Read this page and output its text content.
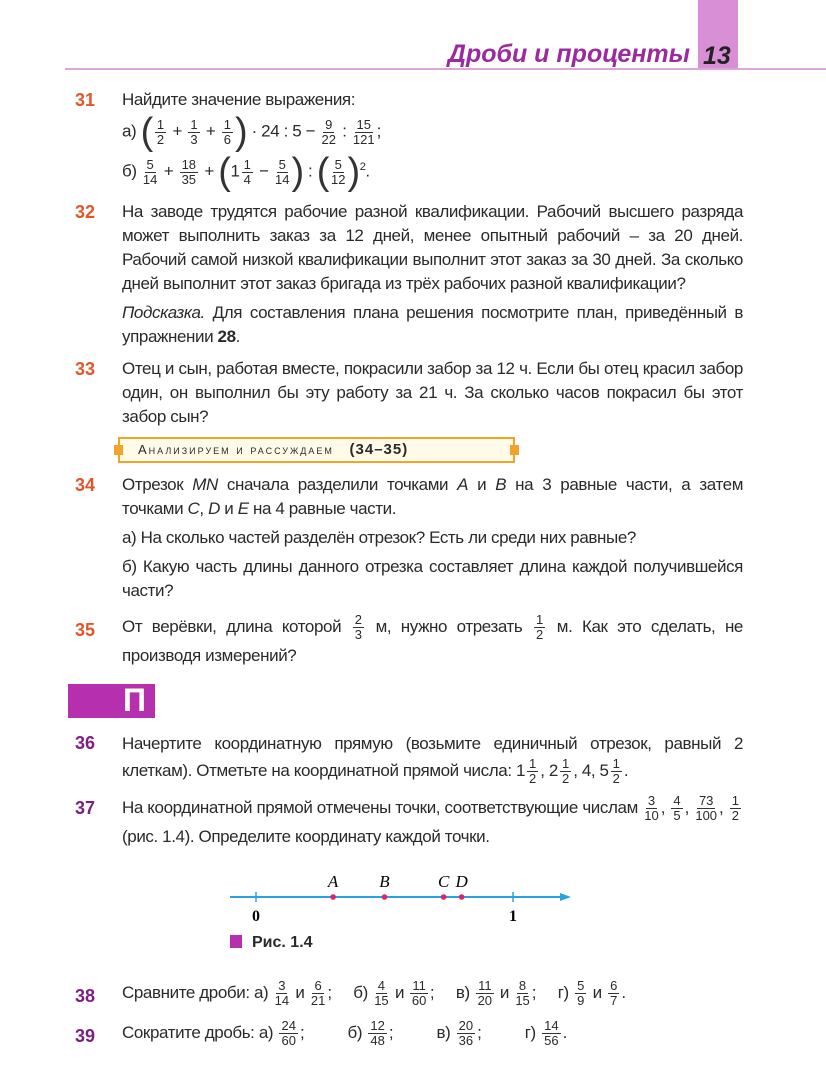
Дроби и проценты 13
31 Найдите значение выражения:
а) ( $\frac{1}{2} + \frac{1}{3} + \frac{1}{6}$ ) · 24 : $5 - \frac{9}{22}$ : $\frac{15}{121}$ ;
$б) \frac{5}{14} + \frac{18}{35} + (1 \frac{1}{4} - \frac{5}{14}$ ) : ( $\frac{5}{12} )^2$.
32 На заводе трудятся рабочие разной квалификации. Рабочий высшего разряда может выполнить заказ за 12 дней, менее опытный рабочий – за 20 дней. Рабочий самой низкой квалификации выполнит этот заказ за 30 дней. За сколько дней выполнит этот заказ бригада из трёх рабочих разной квалификации?
Подсказка. Для составления плана решения посмотрите план, приведённый в упражнении 28.
33 Отец и сын, работая вместе, покрасили забор за 12 ч. Если бы отец красил забор один, он выполнил бы эту работу за 21 ч. За сколько часов покрасил бы этот забор сын?
Анализируем и рассуждаем (34–35)
34 Отрезок MN сначала разделили точками A и B на 3 равные части, а затем точками C, D и E на 4 равные части.
а) На сколько частей разделён отрезок? Есть ли среди них равные?
б) Какую часть длины данного отрезка составляет длина каждой получившейся части?
35 От верёвки, длина которой $\frac{2}{3} м$, нужно отрезать $\frac{1}{2} м$. Как это сделать, не производя измерений?
П
36 Начертите координатную прямую (возьмите единичный отрезок, равный 2 клеткам). Отметьте на координатной прямой числа: $1 \frac{1}{2}$ , $2 \frac{1}{2}$ , 4, $5 \frac{1}{2}$ .
37 На координатной прямой отмечены точки, соответствующие числам $\frac{3}{10}$ , $\frac{4}{5}$ , $\frac{73}{100}$ , $\frac{1}{2}$
(рис. 1.4). Определите координату каждой точки.
0	1
A B	C D
Рис. 1.4
38 Сравните дроби: $а) \frac{3}{14}$ и $\frac{6}{21}$ ;     $б) \frac{4}{15}$ и $\frac{11}{60}$ ;     $в) \frac{11}{20}$ и $\frac{8}{15}$ ;     $г) \frac{5}{9}$ и $\frac{6}{7}$ .
39 Сократите дробь: $а) \frac{24}{60}$ ;          $б) \frac{12}{48}$ ;          $в) \frac{20}{36}$ ;          $г) \frac{14}{56}$ .
